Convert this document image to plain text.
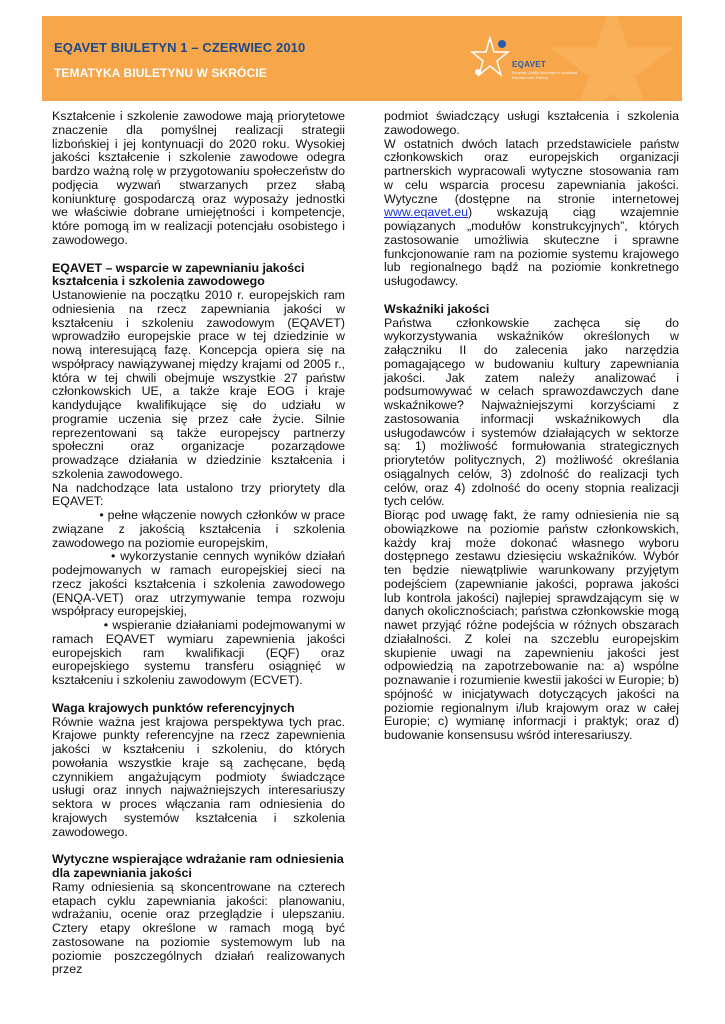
EQAVET BIULETYN 1 – CZERWIEC 2010
TEMATYKA BIULETYNU W SKRÓCIE
EQAVET
European Quality Assurance in Vocational Education and Training

Kształcenie i szkolenie zawodowe mają priorytetowe znaczenie dla pomyślnej realizacji strategii lizbońskiej i jej kontynuacji do 2020 roku. Wysokiej jakości kształcenie i szkolenie zawodowe odegra bardzo ważną rolę w przygotowaniu społeczeństw do podjęcia wyzwań stwarzanych przez słabą koniunkturę gospodarczą oraz wyposaży jednostki we właściwie dobrane umiejętności i kompetencje, które pomogą im w realizacji potencjału osobistego i zawodowego.

EQAVET – wsparcie w zapewnianiu jakości kształcenia i szkolenia zawodowego

Ustanowienie na początku 2010 r. europejskich ram odniesienia na rzecz zapewniania jakości w kształceniu i szkoleniu zawodowym (EQAVET) wprowadziło europejskie prace w tej dziedzinie w nową interesującą fazę. Koncepcja opiera się na współpracy nawiązywanej między krajami od 2005 r., która w tej chwili obejmuje wszystkie 27 państw członkowskich UE, a także kraje EOG i kraje kandydujące kwalifikujące się do udziału w programie uczenia się przez całe życie. Silnie reprezentowani są także europejscy partnerzy społeczni oraz organizacje pozarządowe prowadzące działania w dziedzinie kształcenia i szkolenia zawodowego.

Na nadchodzące lata ustalono trzy priorytety dla EQAVET:

• pełne włączenie nowych członków w prace związane z jakością kształcenia i szkolenia zawodowego na poziomie europejskim,

• wykorzystanie cennych wyników działań podejmowanych w ramach europejskiej sieci na rzecz jakości kształcenia i szkolenia zawodowego (ENQA-VET) oraz utrzymywanie tempa rozwoju współpracy europejskiej,

• wspieranie działaniami podejmowanymi w ramach EQAVET wymiaru zapewnienia jakości europejskich ram kwalifikacji (EQF) oraz europejskiego systemu transferu osiągnięć w kształceniu i szkoleniu zawodowym (ECVET).

Waga krajowych punktów referencyjnych

Równie ważna jest krajowa perspektywa tych prac. Krajowe punkty referencyjne na rzecz zapewnienia jakości w kształceniu i szkoleniu, do których powołania wszystkie kraje są zachęcane, będą czynnikiem angażującym podmioty świadczące usługi oraz innych najważniejszych interesariuszy sektora w proces włączania ram odniesienia do krajowych systemów kształcenia i szkolenia zawodowego.

Wytyczne wspierające wdrażanie ram odniesienia dla zapewniania jakości

Ramy odniesienia są skoncentrowane na czterech etapach cyklu zapewniania jakości: planowaniu, wdrażaniu, ocenie oraz przeglądzie i ulepszaniu. Cztery etapy określone w ramach mogą być zastosowane na poziomie systemowym lub na poziomie poszczególnych działań realizowanych przez

podmiot świadczący usługi kształcenia i szkolenia zawodowego.

W ostatnich dwóch latach przedstawiciele państw członkowskich oraz europejskich organizacji partnerskich wypracowali wytyczne stosowania ram w celu wsparcia procesu zapewniania jakości. Wytyczne (dostępne na stronie internetowej www.eqavet.eu) wskazują ciąg wzajemnie powiązanych „modułów konstrukcyjnych”, których zastosowanie umożliwia skuteczne i sprawne funkcjonowanie ram na poziomie systemu krajowego lub regionalnego bądź na poziomie konkretnego usługodawcy.

Wskaźniki jakości

Państwa członkowskie zachęca się do wykorzystywania wskaźników określonych w załączniku II do zalecenia jako narzędzia pomagającego w budowaniu kultury zapewniania jakości. Jak zatem należy analizować i podsumowywać w celach sprawozdawczych dane wskaźnikowe? Najważniejszymi korzyściami z zastosowania informacji wskaźnikowych dla usługodawców i systemów działających w sektorze są: 1) możliwość formułowania strategicznych priorytetów politycznych, 2) możliwość określania osiągalnych celów, 3) zdolność do realizacji tych celów, oraz 4) zdolność do oceny stopnia realizacji tych celów.

Biorąc pod uwagę fakt, że ramy odniesienia nie są obowiązkowe na poziomie państw członkowskich, każdy kraj może dokonać własnego wyboru dostępnego zestawu dziesięciu wskaźników. Wybór ten będzie niewątpliwie warunkowany przyjętym podejściem (zapewnianie jakości, poprawa jakości lub kontrola jakości) najlepiej sprawdzającym się w danych okolicznościach; państwa członkowskie mogą nawet przyjąć różne podejścia w różnych obszarach działalności. Z kolei na szczeblu europejskim skupienie uwagi na zapewnieniu jakości jest odpowiedzią na zapotrzebowanie na: a) wspólne poznawanie i rozumienie kwestii jakości w Europie; b) spójność w inicjatywach dotyczących jakości na poziomie regionalnym i/lub krajowym oraz w całej Europie; c) wymianę informacji i praktyk; oraz d) budowanie konsensusu wśród interesariuszy.
